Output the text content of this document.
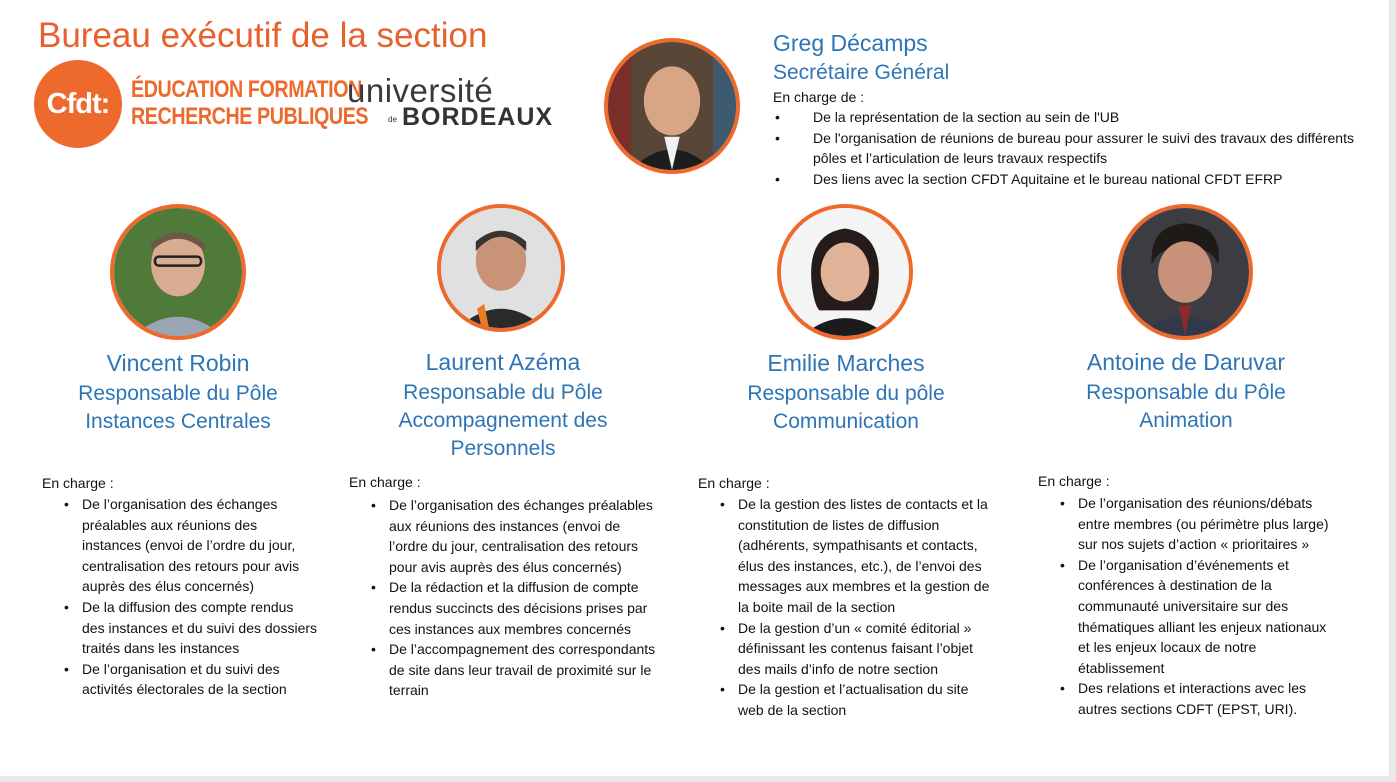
Bureau exécutif de la section
Cfdt: ÉDUCATION FORMATION
RECHERCHE PUBLIQUES
université
de BORDEAUX
Greg Décamps
Secrétaire Général
En charge de :
• De la représentation de la section au sein de l'UB
• De l'organisation de réunions de bureau pour assurer le suivi des travaux des différents pôles et l’articulation de leurs travaux respectifs
• Des liens avec la section CFDT Aquitaine et le bureau national CFDT EFRP
Vincent Robin
Responsable du Pôle Instances Centrales
Laurent Azéma
Responsable du Pôle Accompagnement des Personnels
Emilie Marches
Responsable du pôle Communication
Antoine de Daruvar
Responsable du Pôle Animation
En charge :
• De l’organisation des échanges préalables aux réunions des instances (envoi de l’ordre du jour, centralisation des retours pour avis auprès des élus concernés)
• De la diffusion des compte rendus des instances et du suivi des dossiers traités dans les instances
• De l’organisation et du suivi des activités électorales de la section
En charge :
• De l’organisation des échanges préalables aux réunions des instances (envoi de l’ordre du jour, centralisation des retours pour avis auprès des élus concernés)
• De la rédaction et la diffusion de compte rendus succincts des décisions prises par ces instances aux membres concernés
• De l’accompagnement des correspondants de site dans leur travail de proximité sur le terrain
En charge :
• De la gestion des listes de contacts et la constitution de listes de diffusion (adhérents, sympathisants et contacts, élus des instances, etc.), de l’envoi des messages aux membres et la gestion de la boite mail de la section
• De la gestion d’un « comité éditorial » définissant les contenus faisant l’objet des mails d’info de notre section
• De la gestion et l’actualisation du site web de la section
En charge :
• De l’organisation des réunions/débats entre membres (ou périmètre plus large) sur nos sujets d’action « prioritaires »
• De l’organisation d’événements et conférences à destination de la communauté universitaire sur des thématiques alliant les enjeux nationaux et les enjeux locaux de notre établissement
• Des relations et interactions avec les autres sections CDFT (EPST, URI).
